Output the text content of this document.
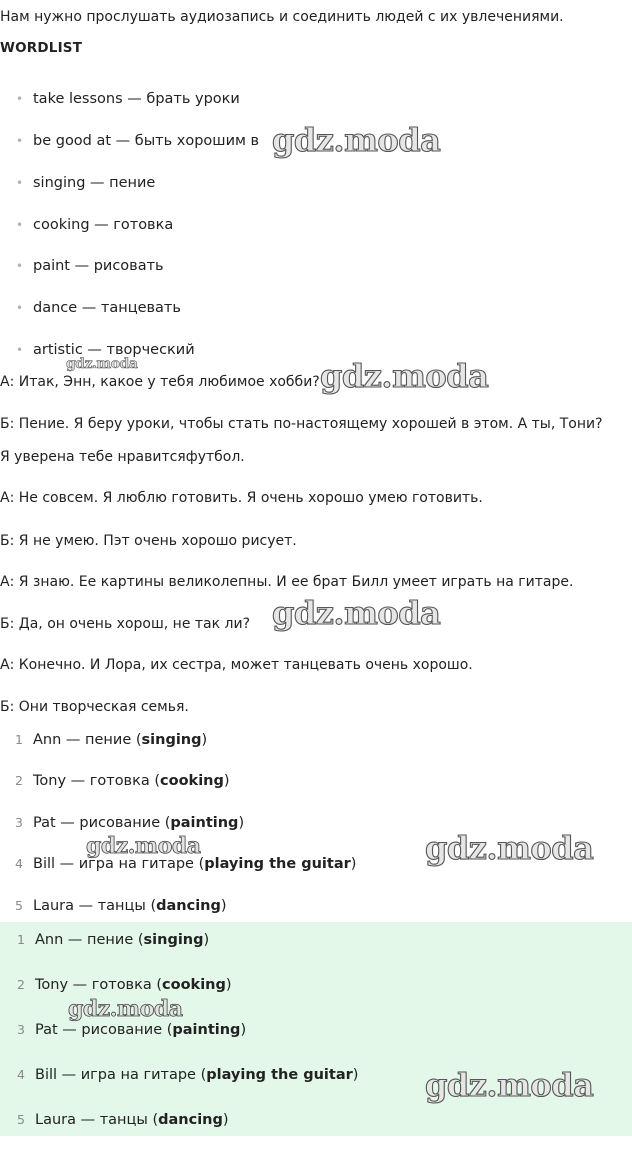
Нам нужно прослушать аудиозапись и соединить людей с их увлечениями.
WORDLIST
• take lessons — брать уроки
• be good at — быть хорошим в
• singing — пение
• cooking — готовка
• paint — рисовать
• dance — танцевать
• artistic — творческий
А: Итак, Энн, какое у тебя любимое хобби?
Б: Пение. Я беру уроки, чтобы стать по-настоящему хорошей в этом. А ты, Тони?
Я уверена тебе нравитсяфутбол.
А: Не совсем. Я люблю готовить. Я очень хорошо умею готовить.
Б: Я не умею. Пэт очень хорошо рисует.
А: Я знаю. Ее картины великолепны. И ее брат Билл умеет играть на гитаре.
Б: Да, он очень хорош, не так ли?
А: Конечно. И Лора, их сестра, может танцевать очень хорошо.
Б: Они творческая семья.
1 Ann — пение (singing)
2 Tony — готовка (cooking)
3 Pat — рисование (painting)
4 Bill — игра на гитаре (playing the guitar)
5 Laura — танцы (dancing)
1 Ann — пение (singing)
2 Tony — готовка (cooking)
3 Pat — рисование (painting)
4 Bill — игра на гитаре (playing the guitar)
5 Laura — танцы (dancing)
gdz.moda
gdz.moda	gdz.moda
gdz.moda
gdz.moda	gdz.moda
gdz.moda
gdz.moda
